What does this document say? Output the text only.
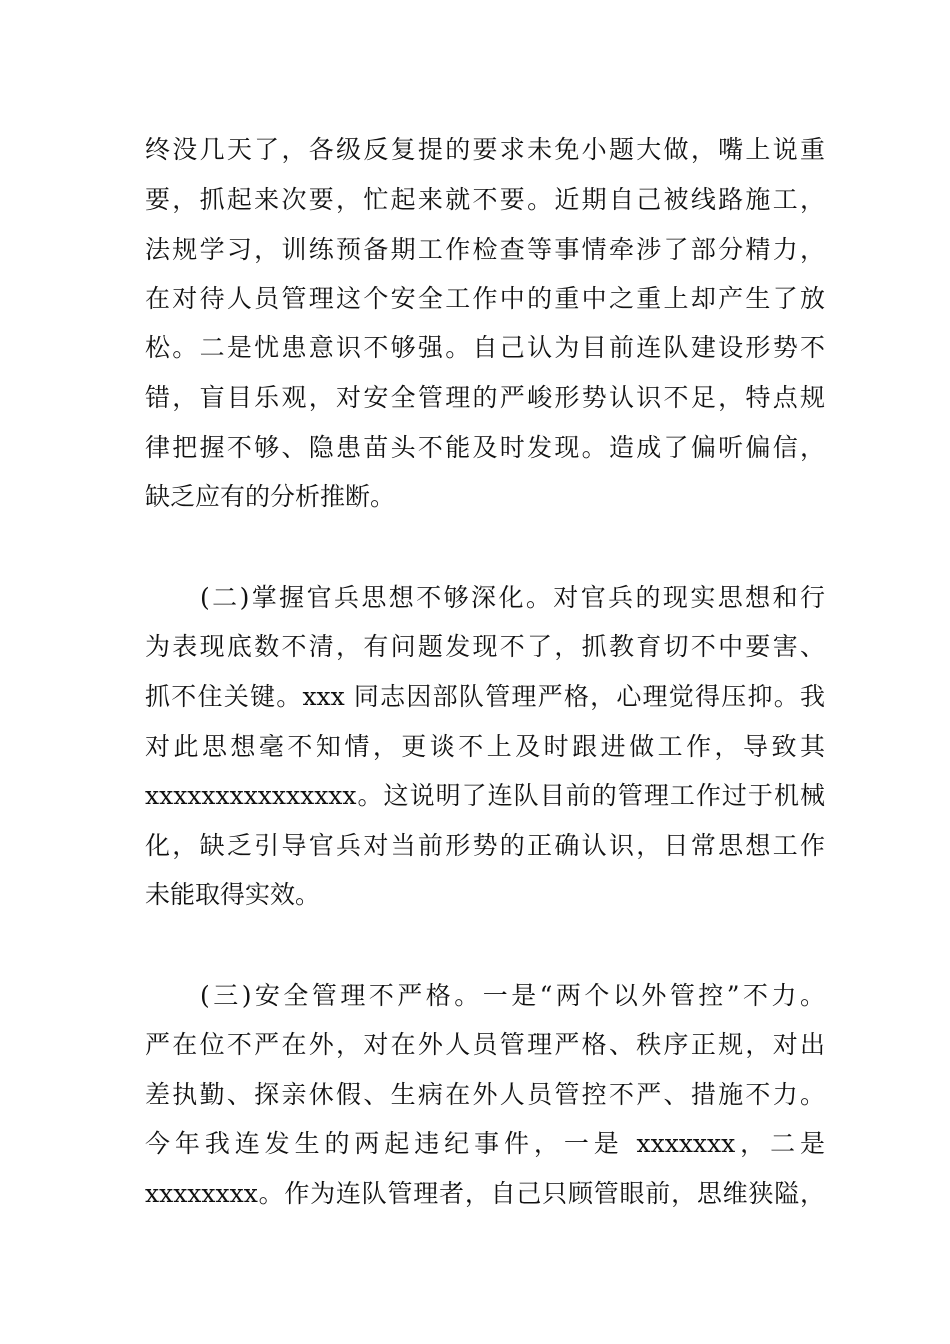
终没几天了，各级反复提的要求未免小题大做，嘴上说重
要，抓起来次要，忙起来就不要。近期自己被线路施工，
法规学习，训练预备期工作检查等事情牵涉了部分精力，
在对待人员管理这个安全工作中的重中之重上却产生了放
松。二是忧患意识不够强。自己认为目前连队建设形势不
错，盲目乐观，对安全管理的严峻形势认识不足，特点规
律把握不够、隐患苗头不能及时发现。造成了偏听偏信，
缺乏应有的分析推断。
(二)掌握官兵思想不够深化。对官兵的现实思想和行
为表现底数不清，有问题发现不了，抓教育切不中要害、
抓不住关键。xxx 同志因部队管理严格，心理觉得压抑。我
对此思想毫不知情，更谈不上及时跟进做工作，导致其
xxxxxxxxxxxxxxx。这说明了连队目前的管理工作过于机械
化，缺乏引导官兵对当前形势的正确认识，日常思想工作
未能取得实效。
(三)安全管理不严格。一是“两个以外管控”不力。
严在位不严在外，对在外人员管理严格、秩序正规，对出
差执勤、探亲休假、生病在外人员管控不严、措施不力。
今年我连发生的两起违纪事件，一是 xxxxxxx，二是
xxxxxxxx。作为连队管理者，自己只顾管眼前，思维狭隘，
